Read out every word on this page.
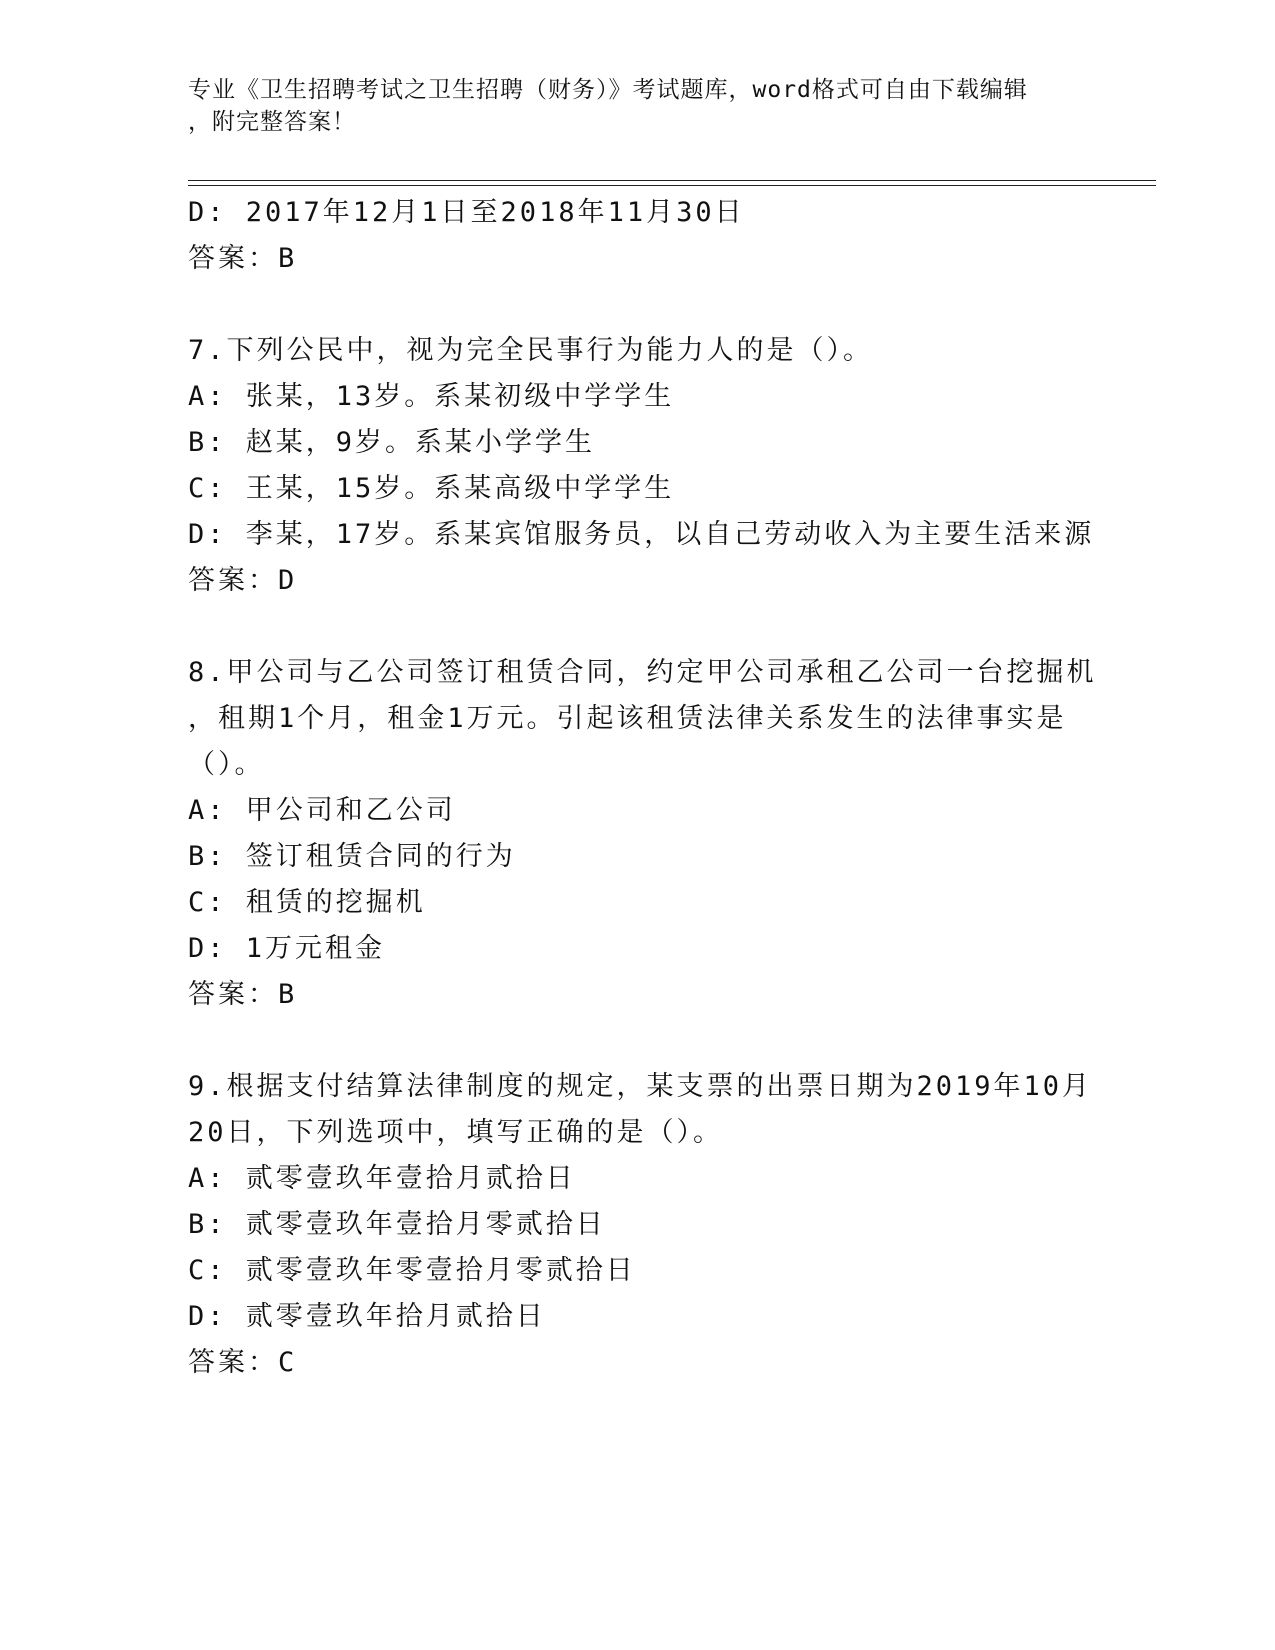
专业《卫生招聘考试之卫生招聘（财务）》考试题库，word格式可自由下载编辑
，附完整答案！
D: 2017年12月1日至2018年11月30日
答案：B
7.下列公民中，视为完全民事行为能力人的是（）。
A: 张某，13岁。系某初级中学学生
B: 赵某，9岁。系某小学学生
C: 王某，15岁。系某高级中学学生
D: 李某，17岁。系某宾馆服务员，以自己劳动收入为主要生活来源
答案：D
8.甲公司与乙公司签订租赁合同，约定甲公司承租乙公司一台挖掘机
，租期1个月，租金1万元。引起该租赁法律关系发生的法律事实是
（）。
A: 甲公司和乙公司
B: 签订租赁合同的行为
C: 租赁的挖掘机
D: 1万元租金
答案：B
9.根据支付结算法律制度的规定，某支票的出票日期为2019年10月
20日，下列选项中，填写正确的是（）。
A: 贰零壹玖年壹拾月贰拾日
B: 贰零壹玖年壹拾月零贰拾日
C: 贰零壹玖年零壹拾月零贰拾日
D: 贰零壹玖年拾月贰拾日
答案：C
